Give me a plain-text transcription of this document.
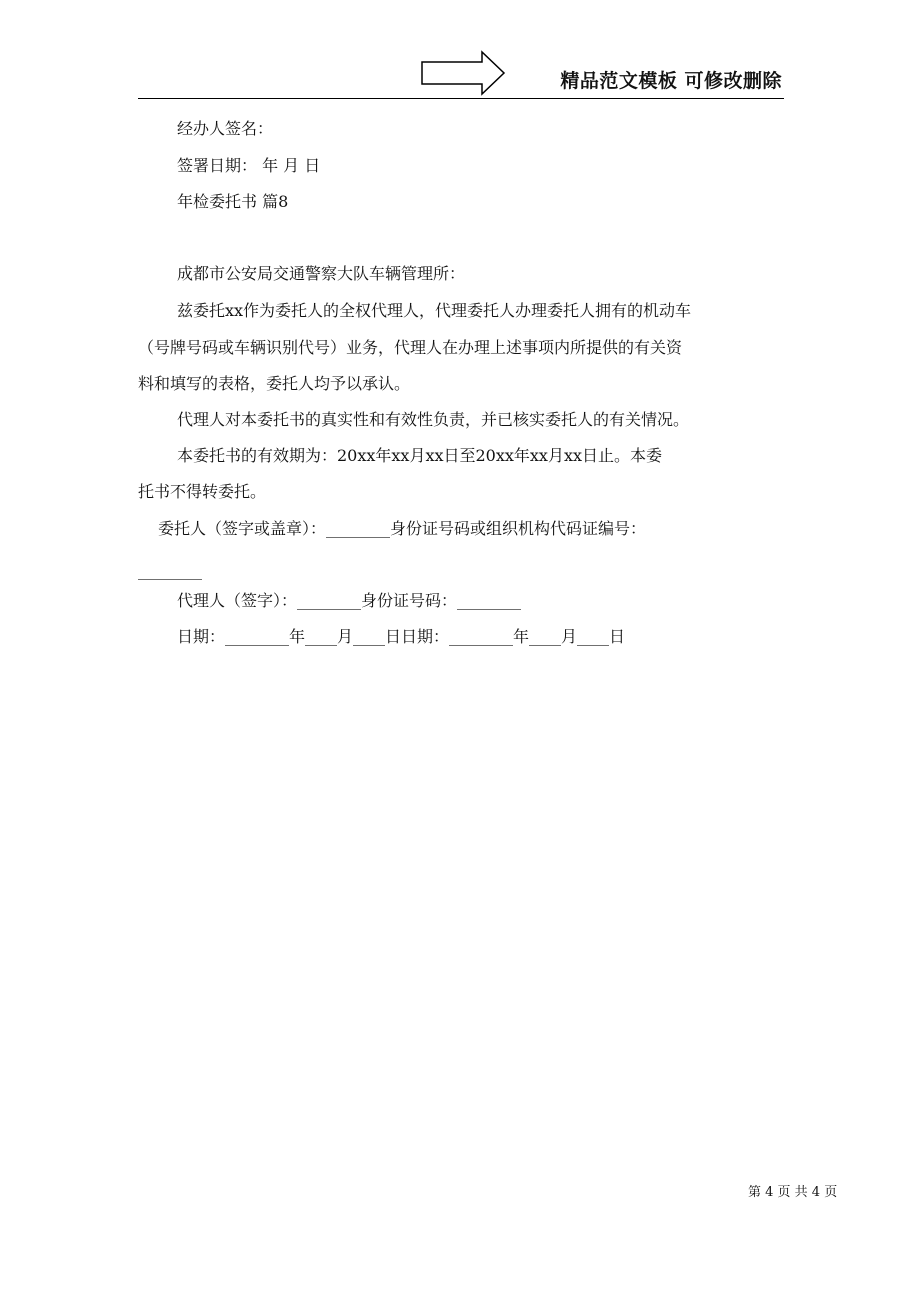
精品范文模板 可修改删除
经办人签名：
签署日期： 年 月 日
年检委托书 篇8
成都市公安局交通警察大队车辆管理所：
兹委托xx作为委托人的全权代理人，代理委托人办理委托人拥有的机动车
（号牌号码或车辆识别代号）业务，代理人在办理上述事项内所提供的有关资
料和填写的表格，委托人均予以承认。
代理人对本委托书的真实性和有效性负责，并已核实委托人的有关情况。
本委托书的有效期为：20xx年xx月xx日至20xx年xx月xx日止。本委
托书不得转委托。
委托人（签字或盖章）：________身份证号码或组织机构代码证编号：
________
代理人（签字）：________身份证号码：________
日期：________年____月____日日期：________年____月____日
第 4 页 共 4 页
